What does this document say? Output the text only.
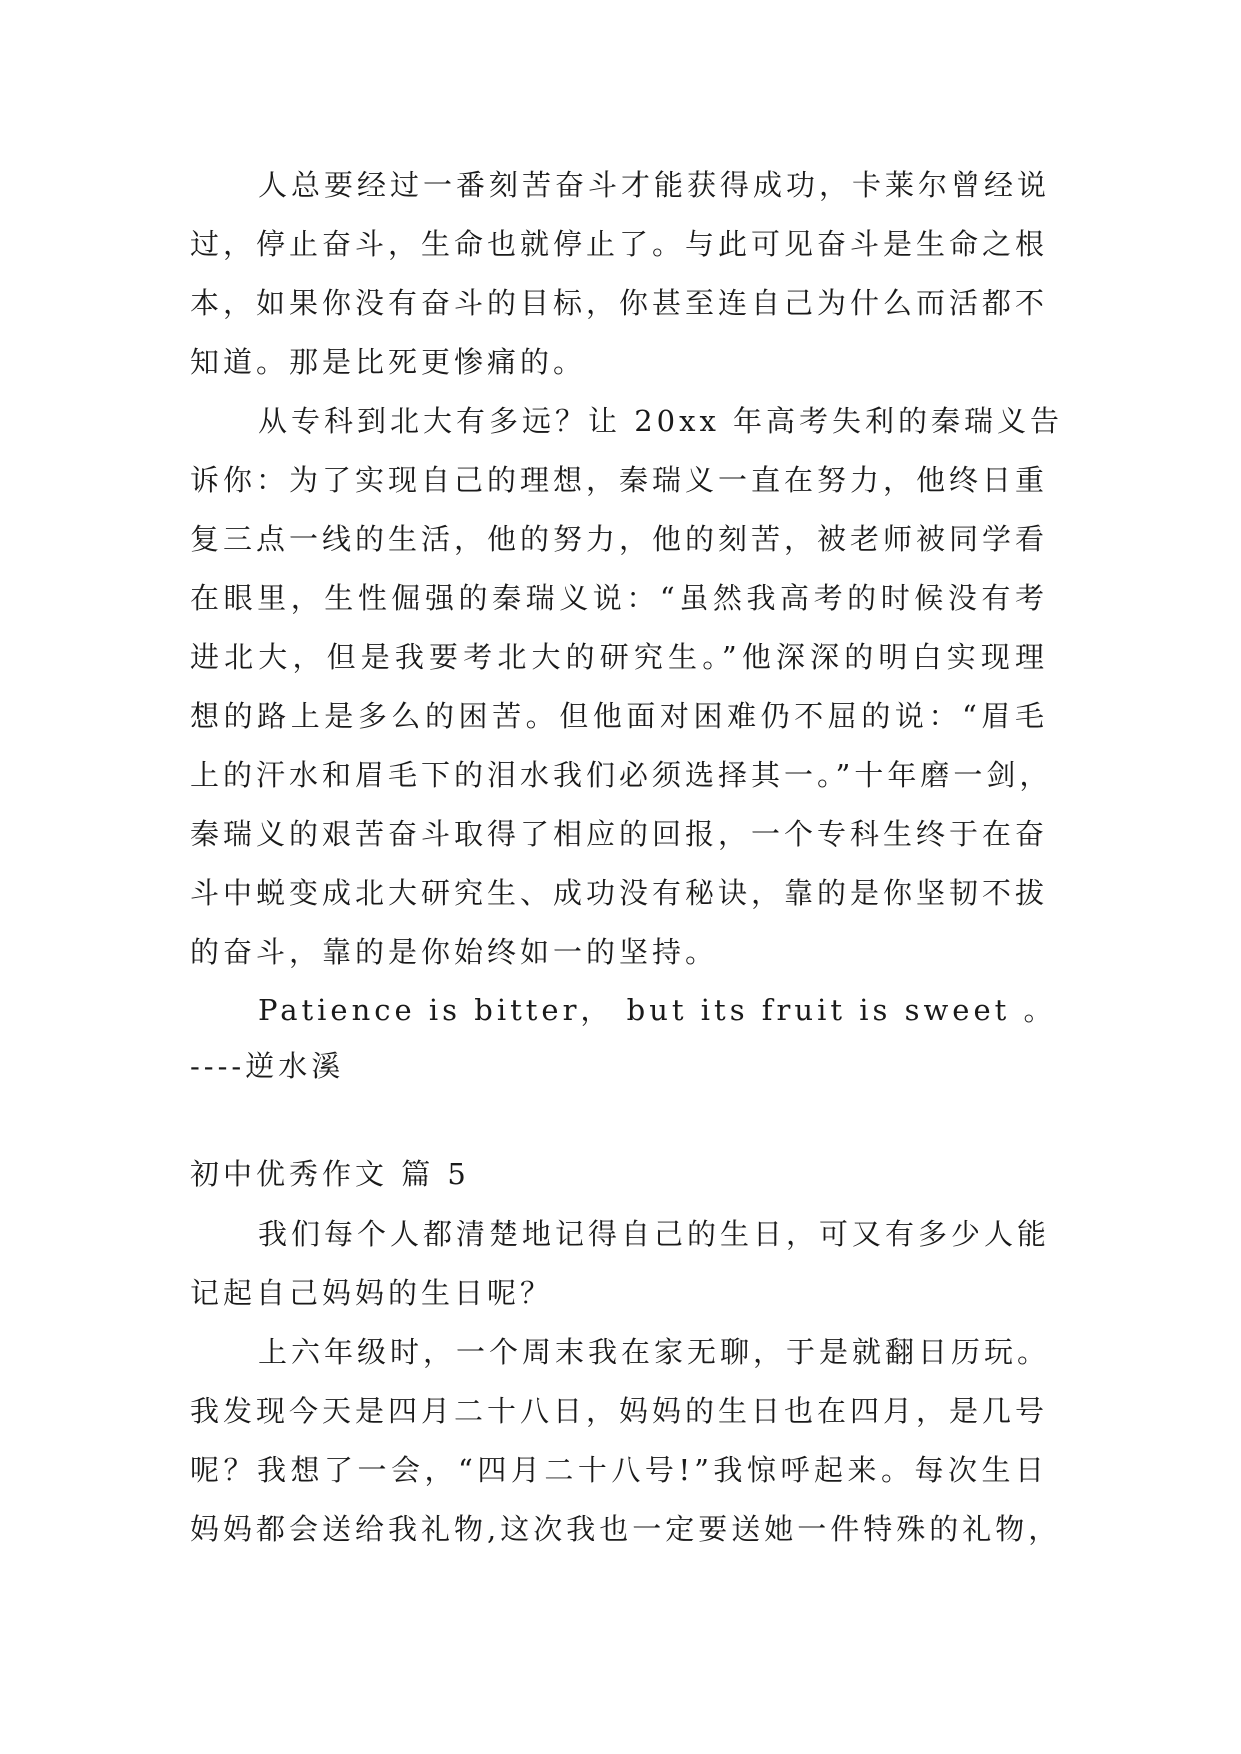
人总要经过一番刻苦奋斗才能获得成功，卡莱尔曾经说
过，停止奋斗，生命也就停止了。与此可见奋斗是生命之根
本，如果你没有奋斗的目标，你甚至连自己为什么而活都不
知道。那是比死更惨痛的。
从专科到北大有多远？让 20xx 年高考失利的秦瑞义告
诉你：为了实现自己的理想，秦瑞义一直在努力，他终日重
复三点一线的生活，他的努力，他的刻苦，被老师被同学看
在眼里，生性倔强的秦瑞义说：“虽然我高考的时候没有考
进北大，但是我要考北大的研究生。”他深深的明白实现理
想的路上是多么的困苦。但他面对困难仍不屈的说：“眉毛
上的汗水和眉毛下的泪水我们必须选择其一。”十年磨一剑，
秦瑞义的艰苦奋斗取得了相应的回报，一个专科生终于在奋
斗中蜕变成北大研究生、成功没有秘诀，靠的是你坚韧不拔
的奋斗，靠的是你始终如一的坚持。
Patience is bitter， but its fruit is sweet 。
----逆水溪
初中优秀作文 篇 5
我们每个人都清楚地记得自己的生日，可又有多少人能
记起自己妈妈的生日呢？
上六年级时，一个周末我在家无聊，于是就翻日历玩。
我发现今天是四月二十八日，妈妈的生日也在四月，是几号
呢？我想了一会，“四月二十八号!”我惊呼起来。每次生日
妈妈都会送给我礼物,这次我也一定要送她一件特殊的礼物，
